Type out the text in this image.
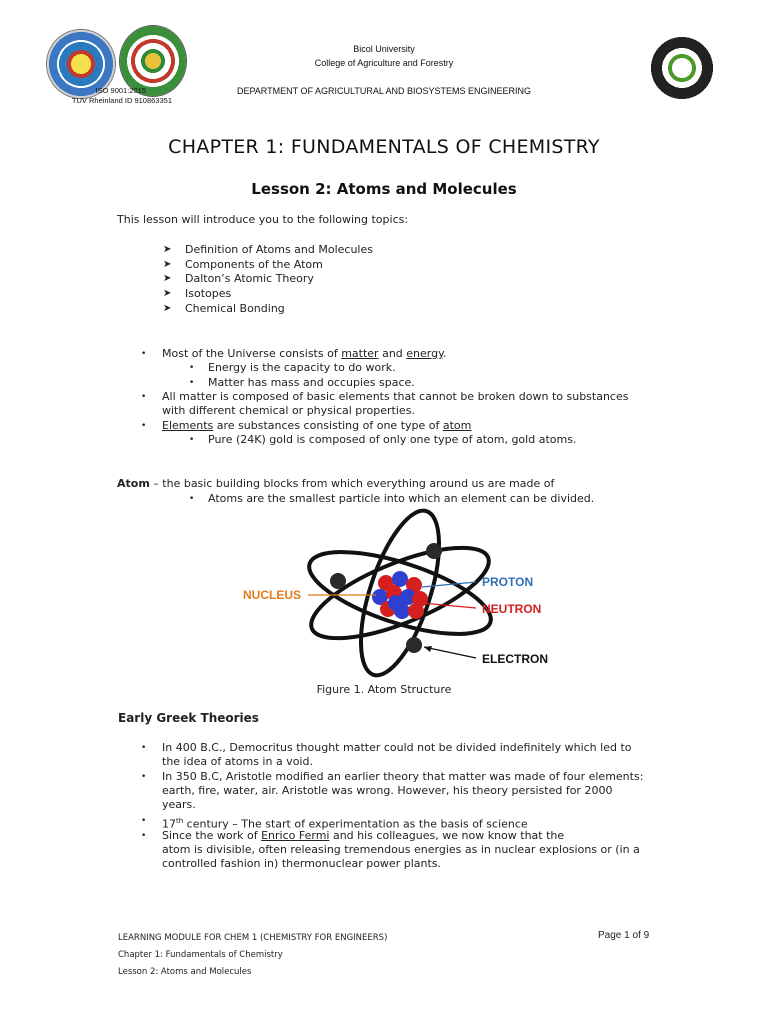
Bicol University
College of Agriculture and Forestry
DEPARTMENT OF AGRICULTURAL AND BIOSYSTEMS ENGINEERING
ISO 9001:2015
TUV Rheinland ID 910863351
CHAPTER 1: FUNDAMENTALS OF CHEMISTRY
Lesson 2: Atoms and Molecules
This lesson will introduce you to the following topics:
➤ Definition of Atoms and Molecules
➤ Components of the Atom
➤ Dalton’s Atomic Theory
➤ Isotopes
➤ Chemical Bonding
• Most of the Universe consists of matter and energy.
• Energy is the capacity to do work.
• Matter has mass and occupies space.
• All matter is composed of basic elements that cannot be broken down to substances
with different chemical or physical properties.
• Elements are substances consisting of one type of atom
• Pure (24K) gold is composed of only one type of atom, gold atoms.
Atom – the basic building blocks from which everything around us are made of
• Atoms are the smallest particle into which an element can be divided.
NUCLEUS
PROTON
NEUTRON
ELECTRON
Figure 1. Atom Structure
Early Greek Theories
• In 400 B.C., Democritus thought matter could not be divided indefinitely which led to
the idea of atoms in a void.
• In 350 B.C, Aristotle modified an earlier theory that matter was made of four elements:
earth, fire, water, air. Aristotle was wrong. However, his theory persisted for 2000
years.
• 17th century – The start of experimentation as the basis of science
• Since the work of Enrico Fermi and his colleagues, we now know that the
atom is divisible, often releasing tremendous energies as in nuclear explosions or (in a
controlled fashion in) thermonuclear power plants.
LEARNING MODULE FOR CHEM 1 (CHEMISTRY FOR ENGINEERS)	Page 1 of 9
Chapter 1: Fundamentals of Chemistry
Lesson 2: Atoms and Molecules
